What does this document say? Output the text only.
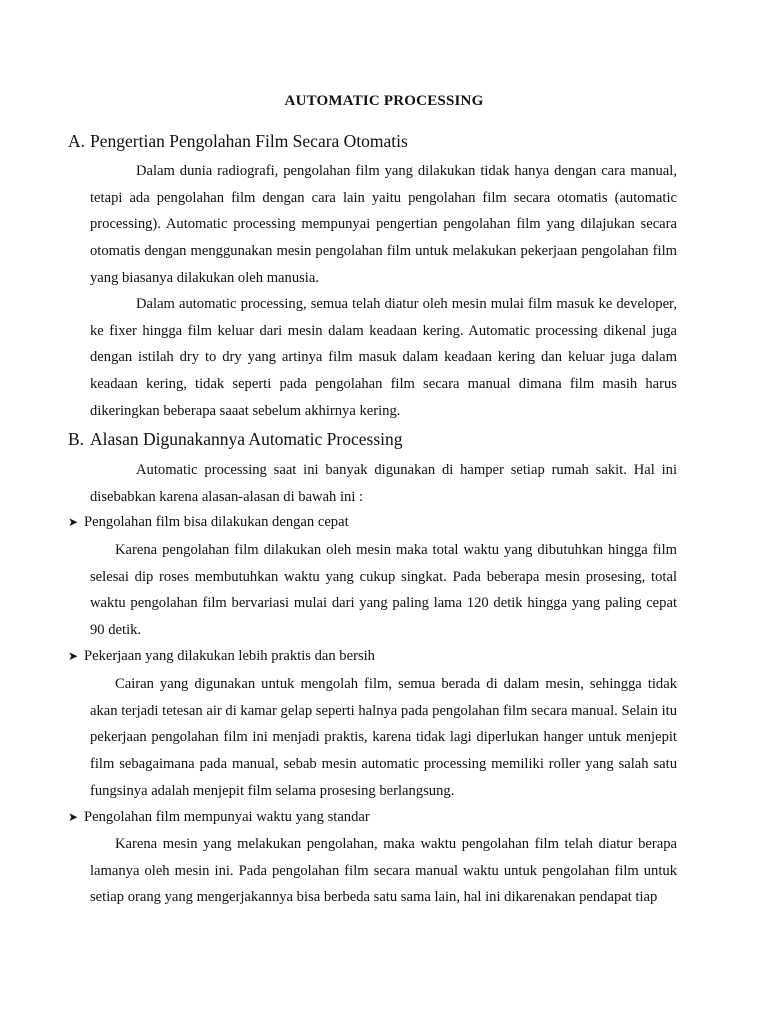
AUTOMATIC PROCESSING
A. Pengertian Pengolahan Film Secara Otomatis

Dalam dunia radiografi, pengolahan film yang dilakukan tidak hanya dengan cara manual, tetapi ada pengolahan film dengan cara lain yaitu pengolahan film secara otomatis (automatic processing). Automatic processing mempunyai pengertian pengolahan film yang dilajukan secara otomatis dengan menggunakan mesin pengolahan film untuk melakukan pekerjaan pengolahan film yang biasanya dilakukan oleh manusia.

Dalam automatic processing, semua telah diatur oleh mesin mulai film masuk ke developer, ke fixer hingga film keluar dari mesin dalam keadaan kering. Automatic processing dikenal juga dengan istilah dry to dry yang artinya film masuk dalam keadaan kering dan keluar juga dalam keadaan kering, tidak seperti pada pengolahan film secara manual dimana film masih harus dikeringkan beberapa saaat sebelum akhirnya kering.

B. Alasan Digunakannya Automatic Processing

Automatic processing saat ini banyak digunakan di hamper setiap rumah sakit. Hal ini disebabkan karena alasan-alasan di bawah ini :

➤ Pengolahan film bisa dilakukan dengan cepat

Karena pengolahan film dilakukan oleh mesin maka total waktu yang dibutuhkan hingga film selesai dip roses membutuhkan waktu yang cukup singkat. Pada beberapa mesin prosesing, total waktu pengolahan film bervariasi mulai dari yang paling lama 120 detik hingga yang paling cepat 90 detik.

➤ Pekerjaan yang dilakukan lebih praktis dan bersih

Cairan yang digunakan untuk mengolah film, semua berada di dalam mesin, sehingga tidak akan terjadi tetesan air di kamar gelap seperti halnya pada pengolahan film secara manual. Selain itu pekerjaan pengolahan film ini menjadi praktis, karena tidak lagi diperlukan hanger untuk menjepit film sebagaimana pada manual, sebab mesin automatic processing memiliki roller yang salah satu fungsinya adalah menjepit film selama prosesing berlangsung.

➤ Pengolahan film mempunyai waktu yang standar

Karena mesin yang melakukan pengolahan, maka waktu pengolahan film telah diatur berapa lamanya oleh mesin ini. Pada pengolahan film secara manual waktu untuk pengolahan film untuk setiap orang yang mengerjakannya bisa berbeda satu sama lain, hal ini dikarenakan pendapat tiap
